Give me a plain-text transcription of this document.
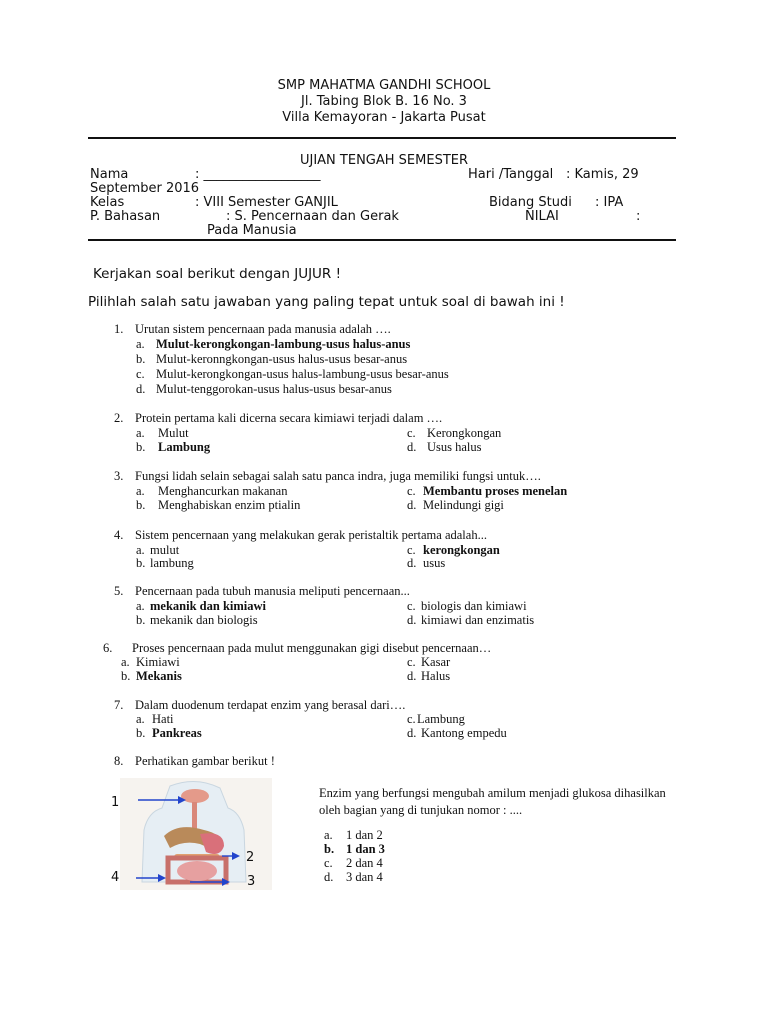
SMP MAHATMA GANDHI SCHOOL
Jl. Tabing Blok B. 16 No. 3
Villa Kemayoran - Jakarta Pusat
UJIAN TENGAH SEMESTER
Nama	: __________________	Hari /Tanggal : Kamis, 29
September 2016
Kelas	: VIII Semester GANJIL	Bidang Studi : IPA
P. Bahasan	: S. Pencernaan dan Gerak	NILAI	:
Pada Manusia
Kerjakan soal berikut dengan JUJUR !
Pilihlah salah satu jawaban yang paling tepat untuk soal di bawah ini !
1. Urutan sistem pencernaan pada manusia adalah ….
a. Mulut-kerongkongan-lambung-usus halus-anus
b. Mulut-keronngkongan-usus halus-usus besar-anus
c. Mulut-kerongkongan-usus halus-lambung-usus besar-anus
d. Mulut-tenggorokan-usus halus-usus besar-anus
2. Protein pertama kali dicerna secara kimiawi terjadi dalam ….
a. Mulut
b. Lambung
c. Kerongkongan
d. Usus halus
3. Fungsi lidah selain sebagai salah satu panca indra, juga memiliki fungsi untuk….
a. Menghancurkan makanan
b. Menghabiskan enzim ptialin
c. Membantu proses menelan
d. Melindungi gigi
4. Sistem pencernaan yang melakukan gerak peristaltik pertama adalah...
a. mulut
b. lambung
c. kerongkongan
d. usus
5. Pencernaan pada tubuh manusia meliputi pencernaan...
a. mekanik dan kimiawi
b. mekanik dan biologis
c. biologis dan kimiawi
d. kimiawi dan enzimatis
6. Proses pencernaan pada mulut menggunakan gigi disebut pencernaan…
a. Kimiawi
b. Mekanis
c. Kasar
d. Halus
7. Dalam duodenum terdapat enzim yang berasal dari….
a. Hati
b. Pankreas
c. Lambung
d. Kantong empedu
8. Perhatikan gambar berikut !
1
2
3
4
Enzim yang berfungsi mengubah amilum menjadi glukosa dihasilkan
oleh bagian yang di tunjukan nomor : ....
a. 1 dan 2
b. 1 dan 3
c. 2 dan 4
d. 3 dan 4
